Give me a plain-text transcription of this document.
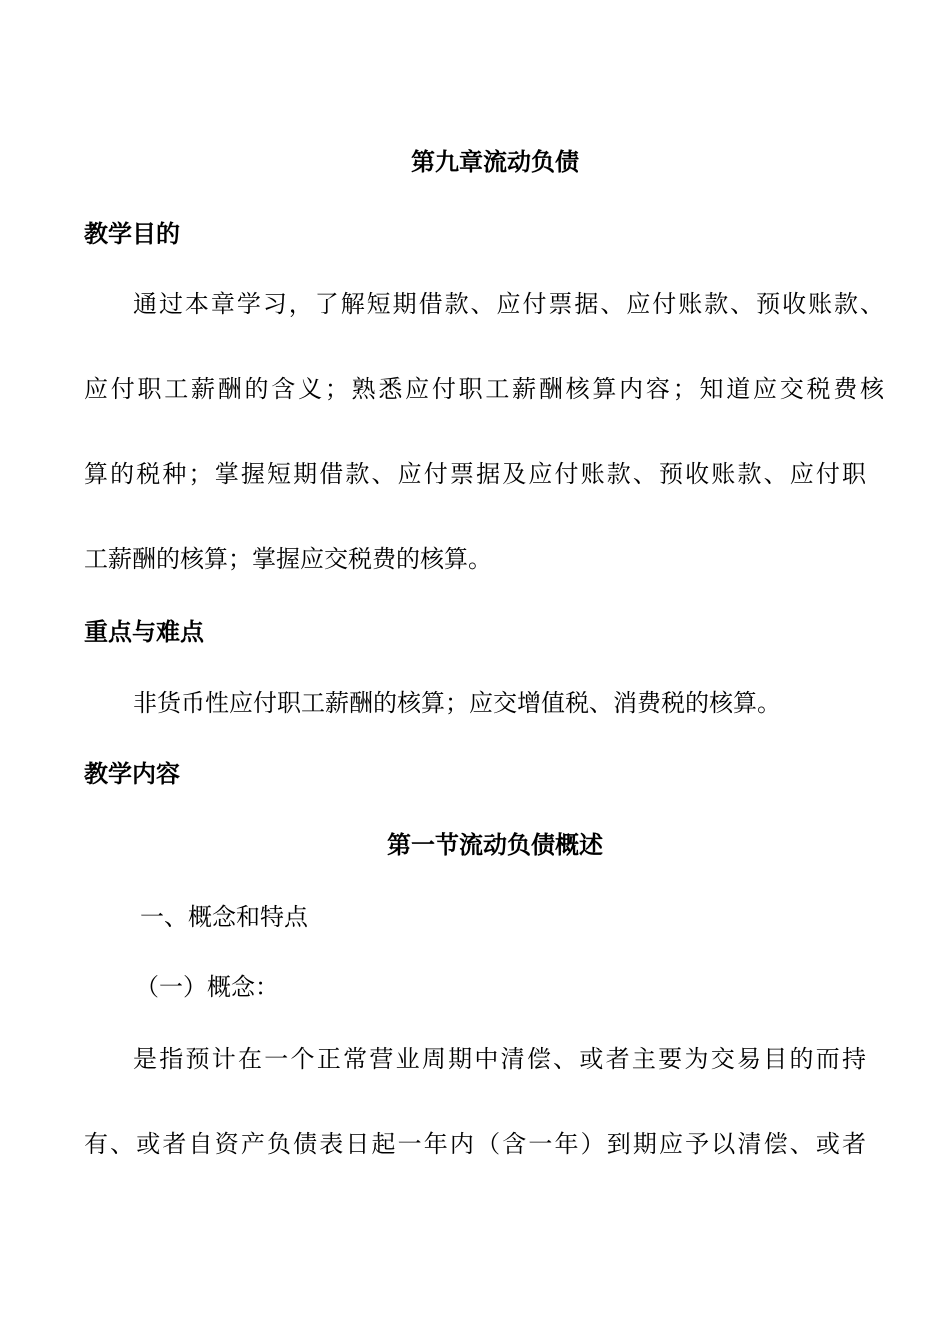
第九章流动负债
教学目的
通过本章学习，了解短期借款、应付票据、应付账款、预收账款、
应付职工薪酬的含义；熟悉应付职工薪酬核算内容；知道应交税费核
算的税种；掌握短期借款、应付票据及应付账款、预收账款、应付职
工薪酬的核算；掌握应交税费的核算。
重点与难点
非货币性应付职工薪酬的核算；应交增值税、消费税的核算。
教学内容
第一节流动负债概述
一、概念和特点
（一）概念：
是指预计在一个正常营业周期中清偿、或者主要为交易目的而持
有、或者自资产负债表日起一年内（含一年）到期应予以清偿、或者
